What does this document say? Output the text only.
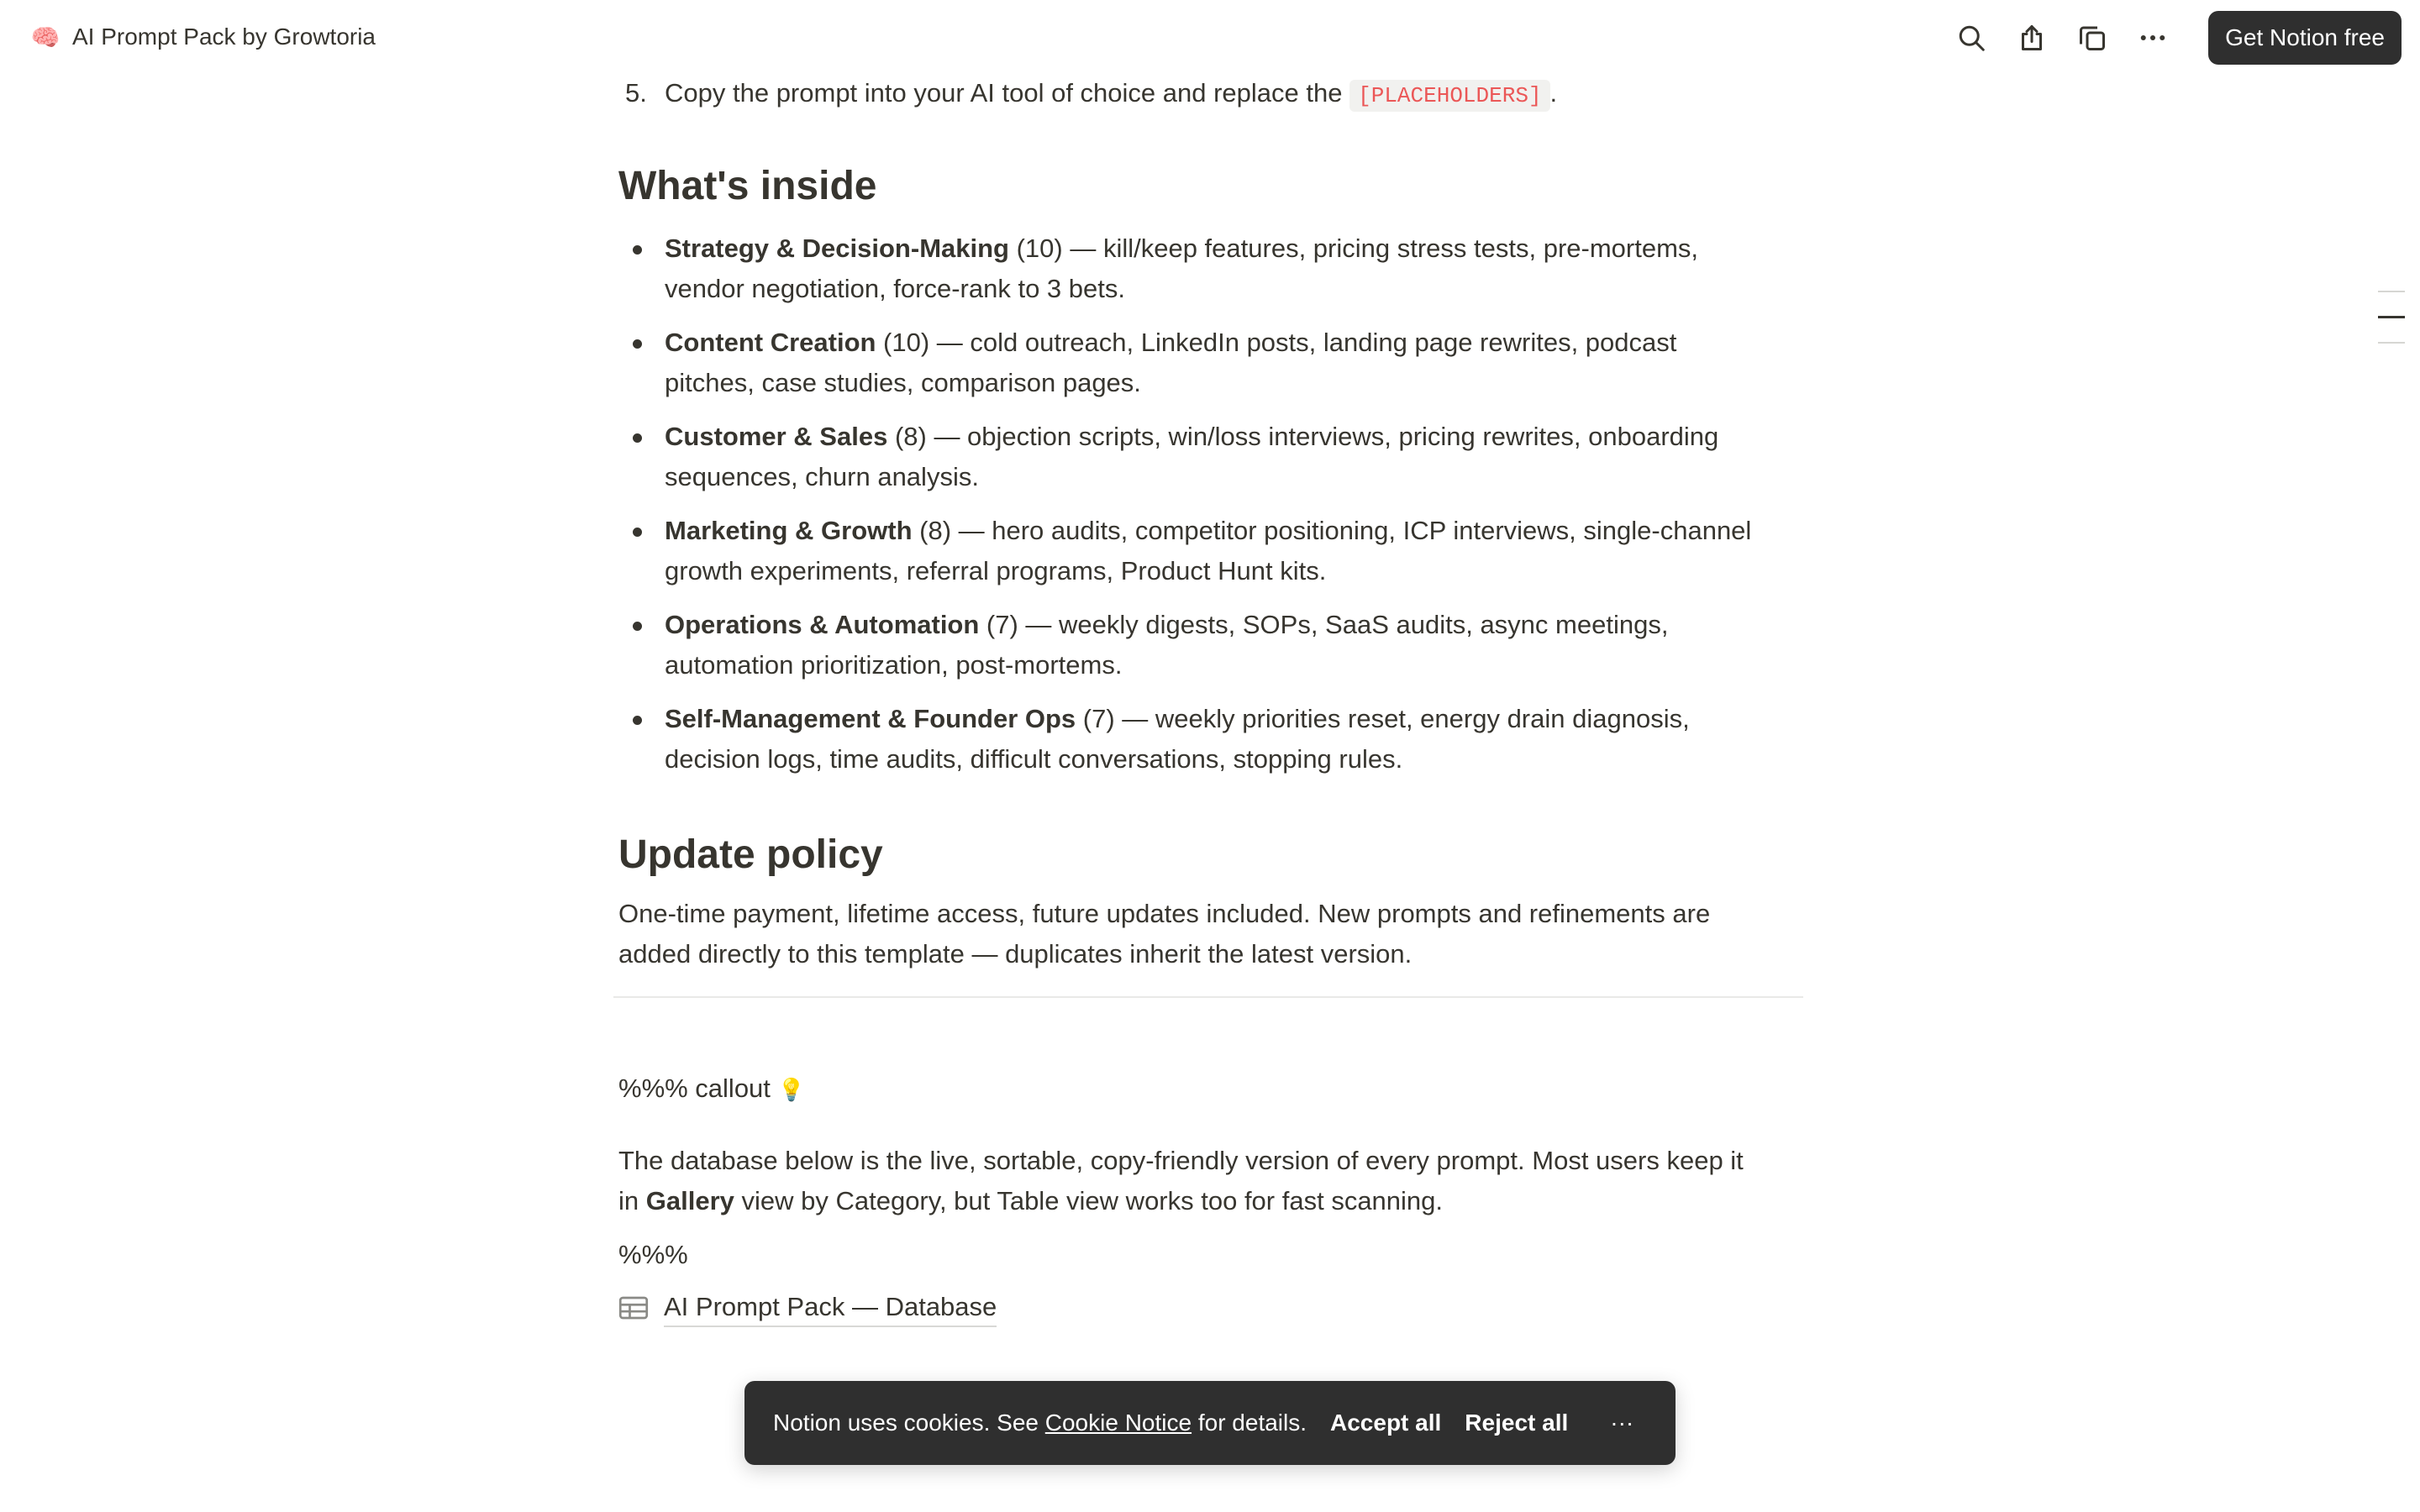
🧠 AI Prompt Pack by Growtoria	Get Notion free
5. Copy the prompt into your AI tool of choice and replace the [PLACEHOLDERS] .
What's inside
Strategy & Decision-Making (10) — kill/keep features, pricing stress tests, pre-mortems,
vendor negotiation, force-rank to 3 bets.
Content Creation (10) — cold outreach, LinkedIn posts, landing page rewrites, podcast
pitches, case studies, comparison pages.
Customer & Sales (8) — objection scripts, win/loss interviews, pricing rewrites, onboarding
sequences, churn analysis.
Marketing & Growth (8) — hero audits, competitor positioning, ICP interviews, single-channel
growth experiments, referral programs, Product Hunt kits.
Operations & Automation (7) — weekly digests, SOPs, SaaS audits, async meetings,
automation prioritization, post-mortems.
Self-Management & Founder Ops (7) — weekly priorities reset, energy drain diagnosis,
decision logs, time audits, difficult conversations, stopping rules.
Update policy
One-time payment, lifetime access, future updates included. New prompts and refinements are
added directly to this template — duplicates inherit the latest version.
%%% callout 💡
The database below is the live, sortable, copy-friendly version of every prompt. Most users keep it
in Gallery view by Category, but Table view works too for fast scanning.
%%%
AI Prompt Pack — Database
Notion uses cookies. See Cookie Notice for details. Accept all Reject all ···
